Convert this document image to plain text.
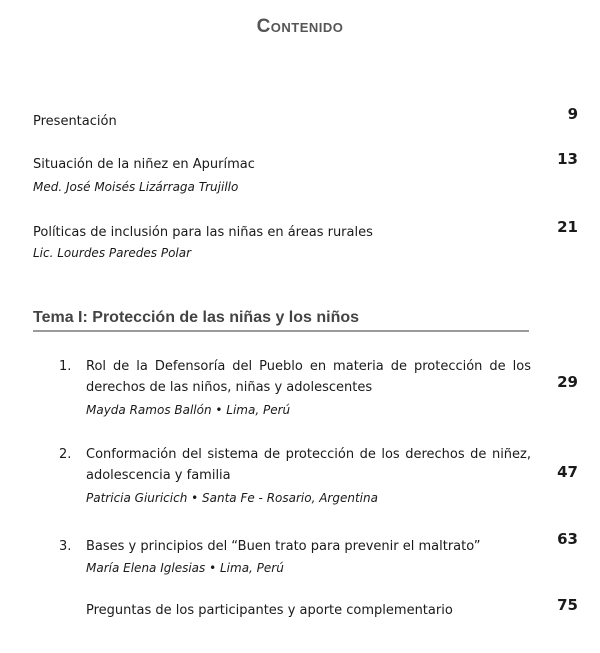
Contenido
Presentación	9
Situación de la niñez en Apurímac
Med. José Moisés Lizárraga Trujillo
13
Políticas de inclusión para las niñas en áreas rurales
Lic. Lourdes Paredes Polar
21
Tema I: Protección de las niñas y los niños
1. Rol de la Defensoría del Pueblo en materia de protección de los derechos de las niños, niñas y adolescentes
Mayda Ramos Ballón • Lima, Perú
29
2. Conformación del sistema de protección de los derechos de niñez, adolescencia y familia
Patricia Giuricich • Santa Fe - Rosario, Argentina
47
3. Bases y principios del “Buen trato para prevenir el maltrato”
María Elena Iglesias • Lima, Perú
63
Preguntas de los participantes y aporte complementario	75
